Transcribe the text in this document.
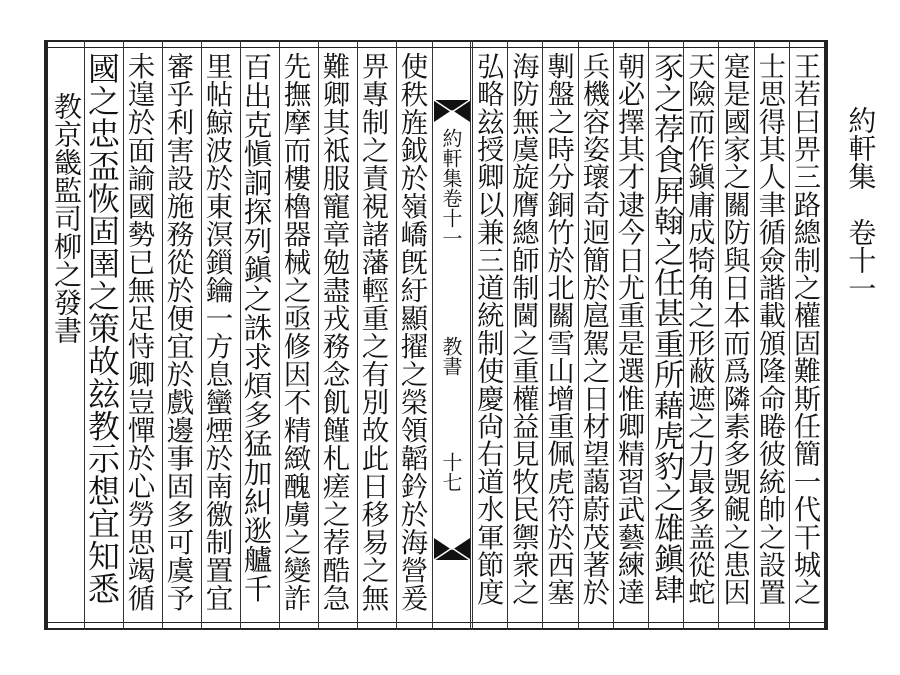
約軒集　卷十一
王若曰畀三路總制之權固難斯任簡一代干城之
士思得其人聿循僉諧載頒隆命睠彼統帥之設置
寔是國家之關防與日本而爲隣素多覬覦之患因
天險而作鎭庸成犄角之形蔽遮之力最多盖從蛇
豕之荐食屛翰之任甚重所藉虎豹之雄鎭肆
朝必擇其才逮今日尤重是選惟卿精習武藝練達
兵機容姿瓌奇迥簡於扈駕之日材望藹蔚茂著於
剸盤之時分銅竹於北關雪山增重佩虎符於西塞
海防無虞旋膺總師制閫之重權益見牧民禦衆之
約軒集卷十一
教書
十七
使秩旌鉞於嶺嶠旣紆顯擢之榮領韜鈐於海營爰
畀專制之責視諸藩輕重之有別故此日移易之無
難卿其祗服寵章勉盡戎務念飢饉札瘥之荐酷急
先撫摩而樓櫓器械之亟修因不精緻醜虜之變詐
百出克愼詗探列鎭之誅求煩多猛加糾逖艫千
里帖鯨波於東溟鎻鑰一方息蠻煙於南徼制置宜
審乎利害設施務從於便宜於戲邊事固多可虞予
未遑於面諭國勢已無足恃卿豈憚於心勞思竭循
國之忠盃恢固圉之策故玆教示想宜知悉
教京畿監司柳之發書	弘略玆授卿以兼三道統制使慶尙右道水軍節度
